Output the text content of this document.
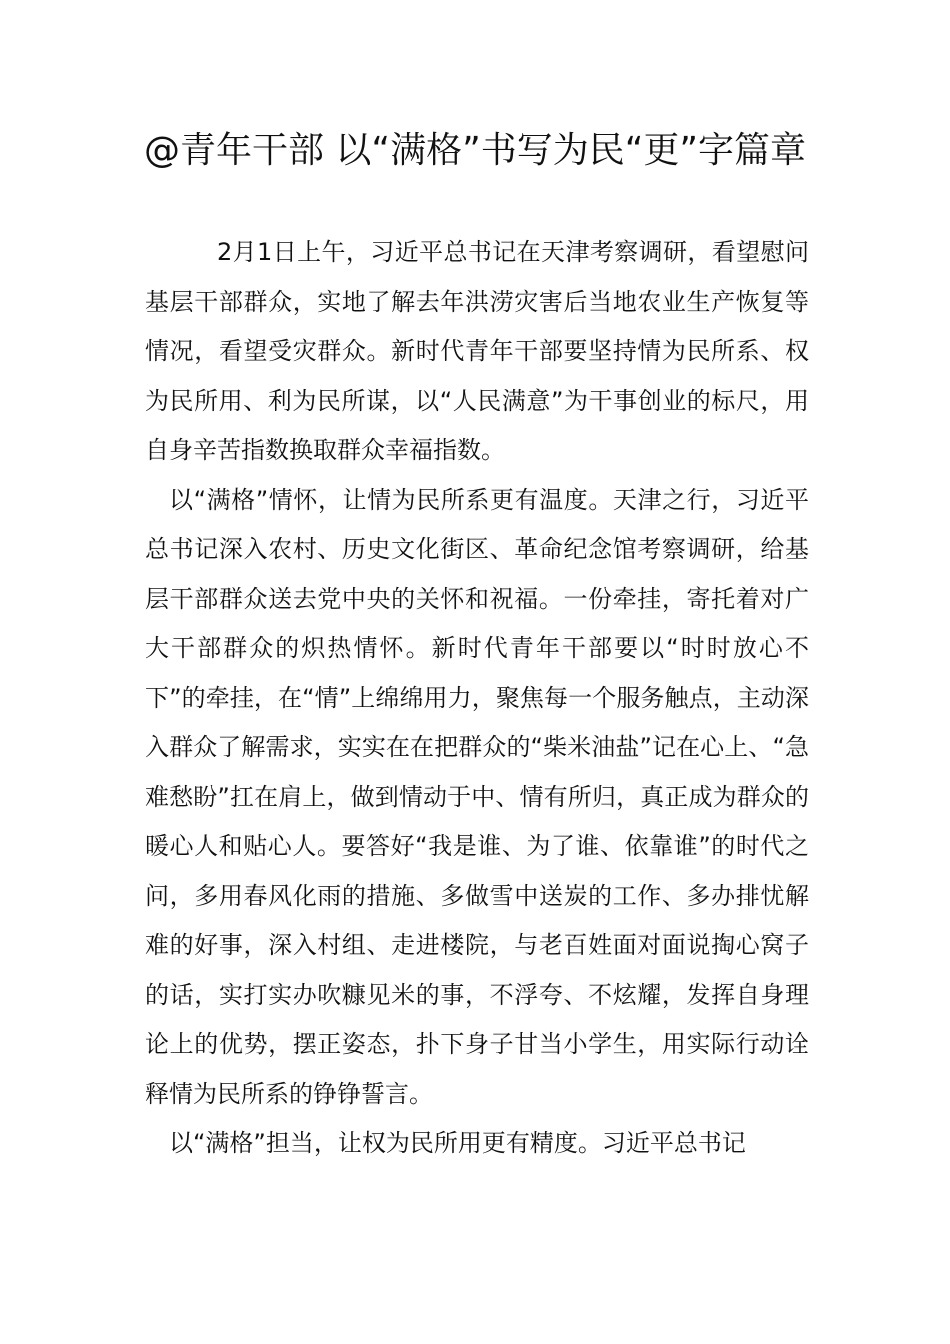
@青年干部 以“满格”书写为民“更”字篇章

2月1日上午，习近平总书记在天津考察调研，看望慰问基层干部群众，实地了解去年洪涝灾害后当地农业生产恢复等情况，看望受灾群众。新时代青年干部要坚持情为民所系、权为民所用、利为民所谋，以“人民满意”为干事创业的标尺，用自身辛苦指数换取群众幸福指数。

以“满格”情怀，让情为民所系更有温度。天津之行，习近平总书记深入农村、历史文化街区、革命纪念馆考察调研，给基层干部群众送去党中央的关怀和祝福。一份牵挂，寄托着对广大干部群众的炽热情怀。新时代青年干部要以“时时放心不下”的牵挂，在“情”上绵绵用力，聚焦每一个服务触点，主动深入群众了解需求，实实在在把群众的“柴米油盐”记在心上、“急难愁盼”扛在肩上，做到情动于中、情有所归，真正成为群众的暖心人和贴心人。要答好“我是谁、为了谁、依靠谁”的时代之问，多用春风化雨的措施、多做雪中送炭的工作、多办排忧解难的好事，深入村组、走进楼院，与老百姓面对面说掏心窝子的话，实打实办吹糠见米的事，不浮夸、不炫耀，发挥自身理论上的优势，摆正姿态，扑下身子甘当小学生，用实际行动诠释情为民所系的铮铮誓言。

以“满格”担当，让权为民所用更有精度。习近平总书记
